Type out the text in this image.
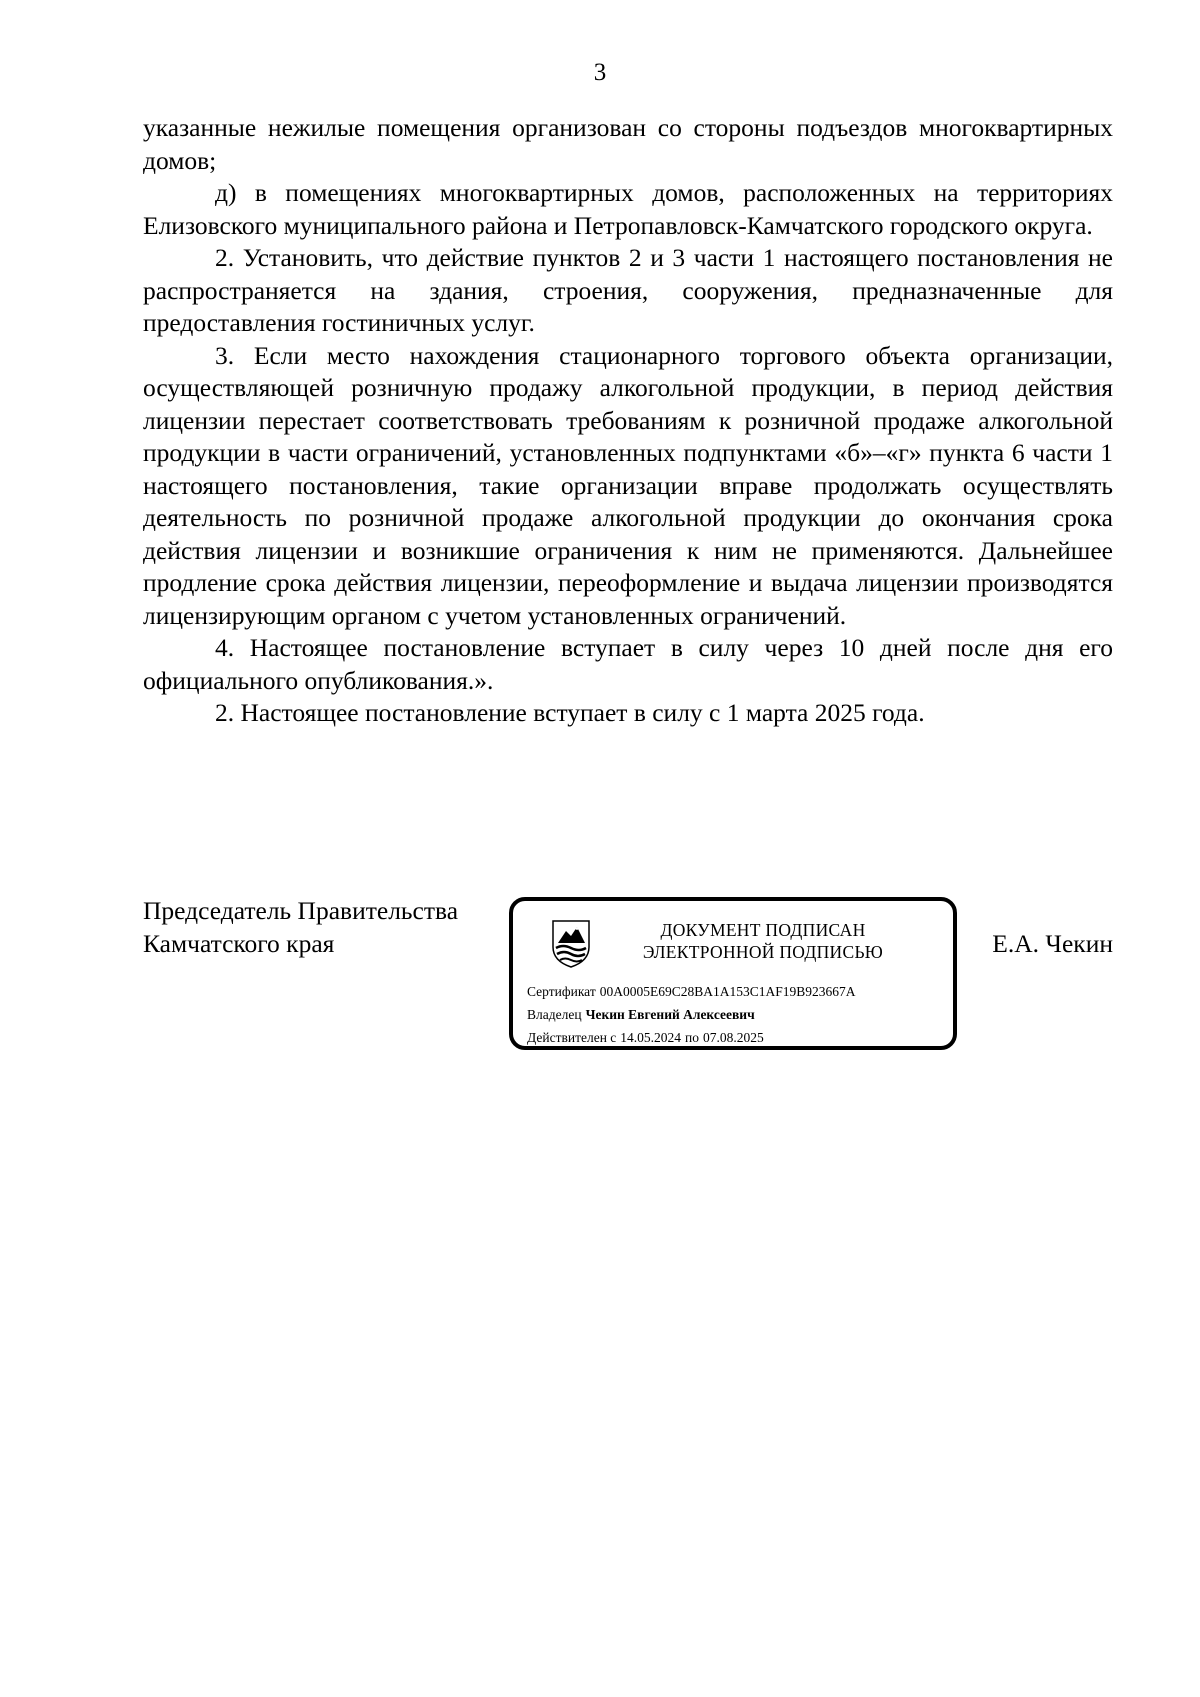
3

указанные нежилые помещения организован со стороны подъездов многоквартирных домов;

д) в помещениях многоквартирных домов, расположенных на территориях Елизовского муниципального района и Петропавловск-Камчатского городского округа.

2. Установить, что действие пунктов 2 и 3 части 1 настоящего постановления не распространяется на здания, строения, сооружения, предназначенные для предоставления гостиничных услуг.

3. Если место нахождения стационарного торгового объекта организации, осуществляющей розничную продажу алкогольной продукции, в период действия лицензии перестает соответствовать требованиям к розничной продаже алкогольной продукции в части ограничений, установленных подпунктами «б»–«г» пункта 6 части 1 настоящего постановления, такие организации вправе продолжать осуществлять деятельность по розничной продаже алкогольной продукции до окончания срока действия лицензии и возникшие ограничения к ним не применяются. Дальнейшее продление срока действия лицензии, переоформление и выдача лицензии производятся лицензирующим органом с учетом установленных ограничений.

4. Настоящее постановление вступает в силу через 10 дней после дня его официального опубликования.».

2. Настоящее постановление вступает в силу с 1 марта 2025 года.

Председатель Правительства
Камчатского края	ДОКУМЕНТ ПОДПИСАН
ЭЛЕКТРОННОЙ ПОДПИСЬЮ
Сертификат 00A0005E69C28BA1A153C1AF19B923667A
Владелец Чекин Евгений Алексеевич
Действителен с 14.05.2024 по 07.08.2025
Е.А. Чекин
